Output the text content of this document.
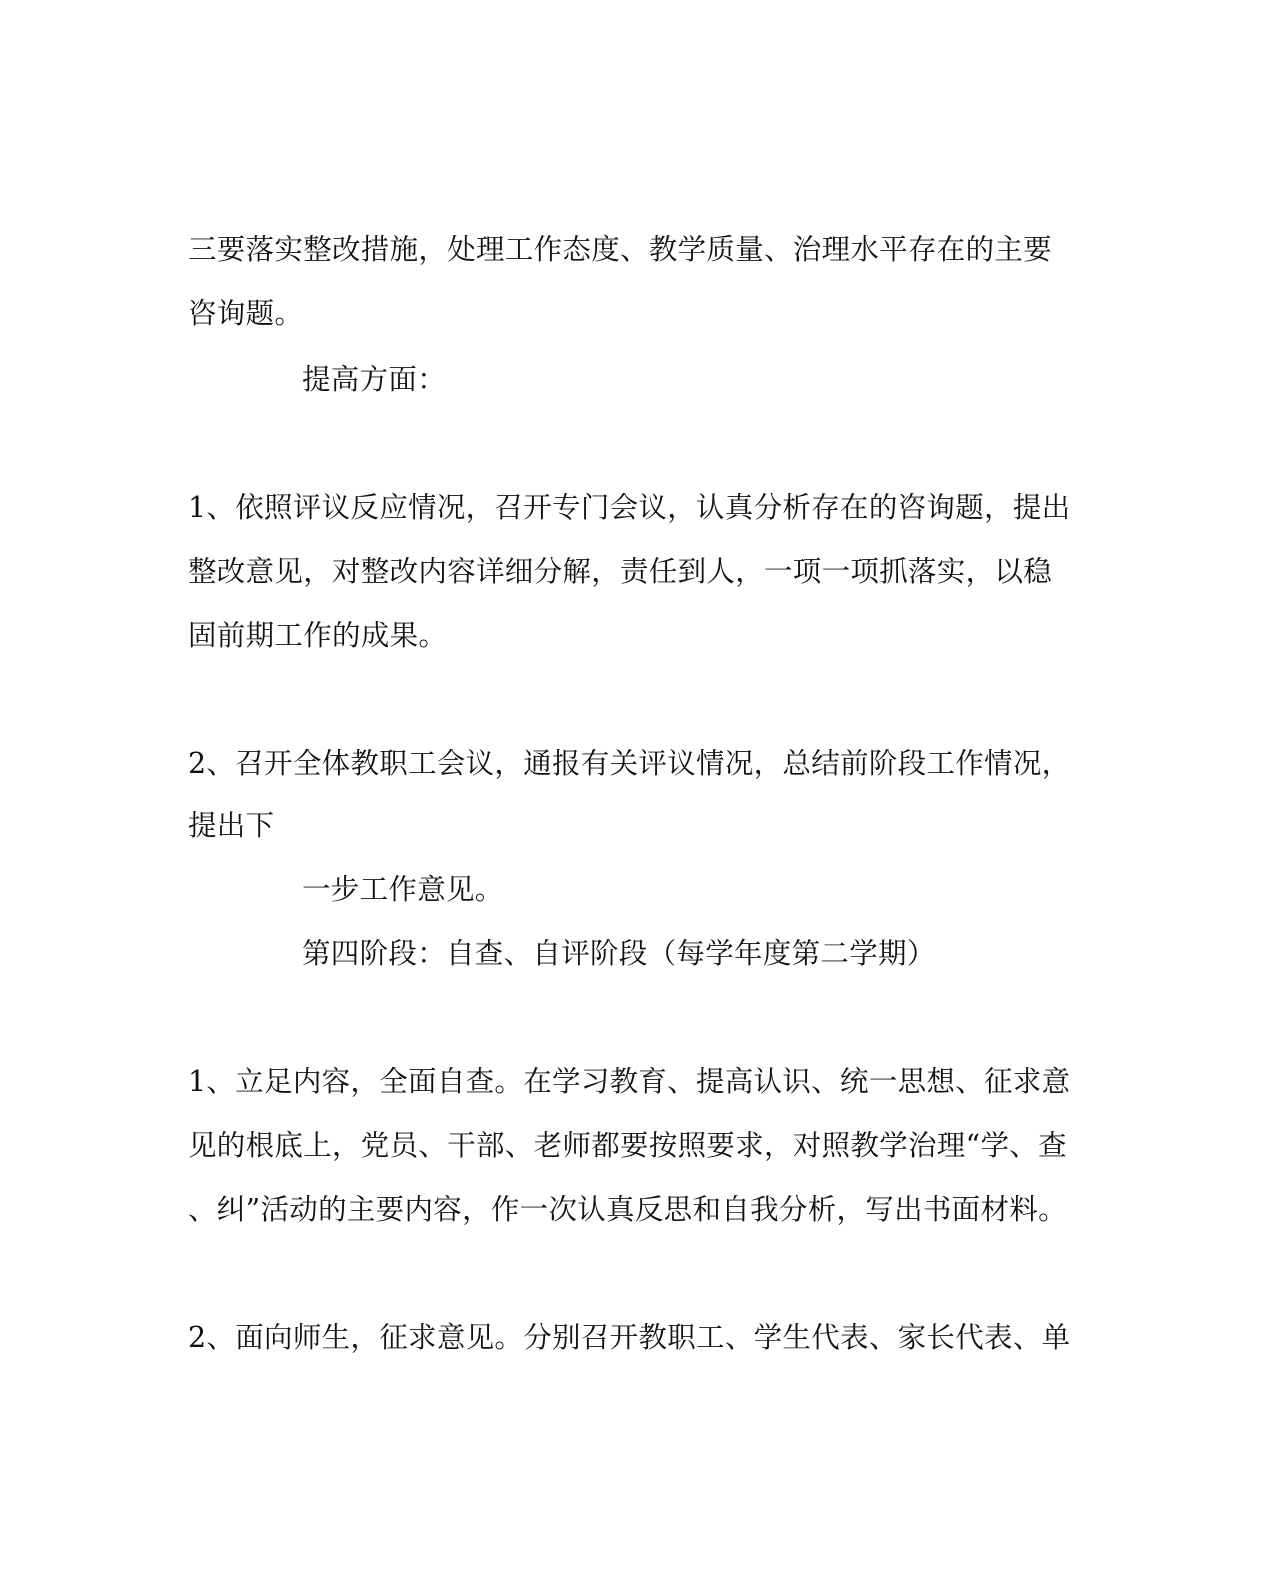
三要落实整改措施，处理工作态度、教学质量、治理水平存在的主要

咨询题。

提高方面：

1、依照评议反应情况，召开专门会议，认真分析存在的咨询题，提出

整改意见，对整改内容详细分解，责任到人，一项一项抓落实，以稳

固前期工作的成果。

2、召开全体教职工会议，通报有关评议情况，总结前阶段工作情况，

提出下

一步工作意见。

第四阶段：自查、自评阶段（每学年度第二学期）

1、立足内容，全面自查。在学习教育、提高认识、统一思想、征求意

见的根底上，党员、干部、老师都要按照要求，对照教学治理“学、查

、纠”活动的主要内容，作一次认真反思和自我分析，写出书面材料。

2、面向师生，征求意见。分别召开教职工、学生代表、家长代表、单
